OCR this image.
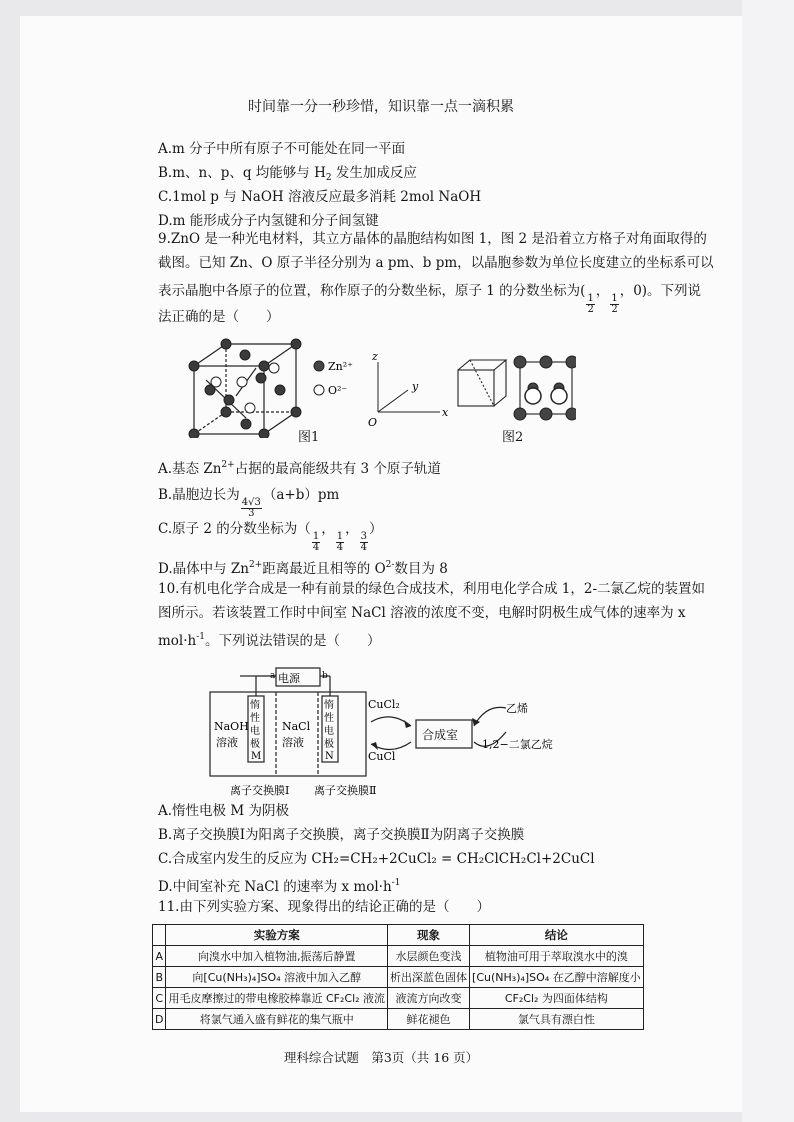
时间靠一分一秒珍惜，知识靠一点一滴积累
A.m 分子中所有原子不可能处在同一平面
B.m、n、p、q 均能够与 $H_2$ 发生加成反应
C.1mol p 与 NaOH 溶液反应最多消耗 2mol NaOH
D.m 能形成分子内氢键和分子间氢键
9.ZnO 是一种光电材料，其立方晶体的晶胞结构如图 1，图 2 是沿着立方格子对角面取得的
截图。已知 Zn、O 原子半径分别为 a pm、b pm，以晶胞参数为单位长度建立的坐标系可以
表示晶胞中各原子的位置，称作原子的分数坐标，原子 1 的分数坐标为(
$\frac{1}{2}$
，
$\frac{1}{2}$
，0)。下列说
法正确的是（　　）
Zn²⁺
O²⁻
z
y
x
O
图1	图2
A.基态 $Zn^{2+}$占据的最高能级共有 3 个原子轨道
B.晶胞边长为
$\frac{4√3}{3}$
（a+b）pm
C.原子 2 的分数坐标为（
$\frac{1}{4}$
，
$\frac{1}{4}$
，
$\frac{3}{4}$
）
D.晶体中与 $Zn^{2+}$距离最近且相等的 $O^{2-}$数目为 8
10.有机电化学合成是一种有前景的绿色合成技术，利用电化学合成 1，2-二氯乙烷的装置如
图所示。若该装置工作时中间室 NaCl 溶液的浓度不变，电解时阴极生成气体的速率为 x
$mol\cdot h^{-1}$。下列说法错误的是（　　）
电源
a	b
NaOH
溶液
NaCl
溶液
惰
性
电
极
M
惰
性
电
极
N
CuCl₂
CuCl
合成室
乙烯
1,2−二氯乙烷
离子交换膜Ⅰ 离子交换膜Ⅱ
A.惰性电极 M 为阴极
B.离子交换膜Ⅰ为阳离子交换膜，离子交换膜Ⅱ为阴离子交换膜
C.合成室内发生的反应为 CH₂=CH₂+2CuCl₂ = CH₂ClCH₂Cl+2CuCl
D.中间室补充 NaCl 的速率为 x $mol\cdot h^{-1}$
11.由下列实验方案、现象得出的结论正确的是（　　）
	实验方案	现象	结论
A	向溴水中加入植物油,振荡后静置	水层颜色变浅	植物油可用于萃取溴水中的溴
B	向[Cu(NH₃)₄]SO₄ 溶液中加入乙醇	析出深蓝色固体	[Cu(NH₃)₄]SO₄ 在乙醇中溶解度小
C	用毛皮摩擦过的带电橡胶棒靠近 CF₂Cl₂ 液流	液流方向改变	CF₂Cl₂ 为四面体结构
D	将氯气通入盛有鲜花的集气瓶中	鲜花褪色	氯气具有漂白性
理科综合试题　第3页（共 16 页）
